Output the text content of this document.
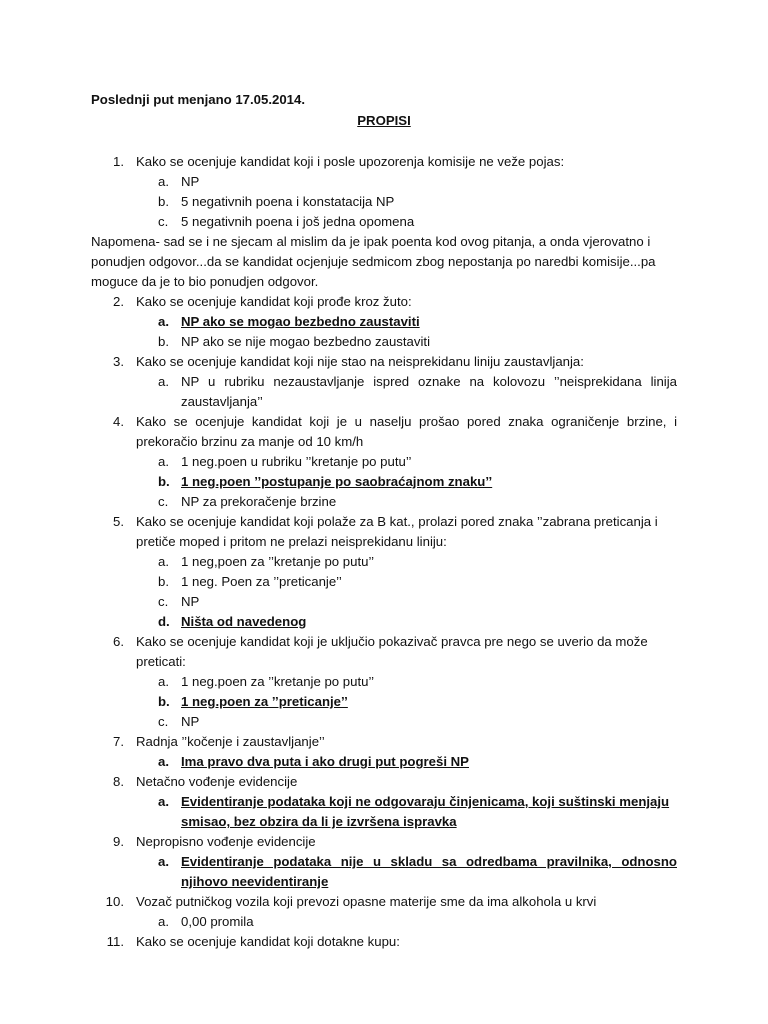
Poslednji put menjano 17.05.2014.
PROPISI
1. Kako se ocenjuje kandidat koji i posle upozorenja komisije ne veže pojas:
a. NP
b. 5 negativnih poena i konstatacija NP
c. 5 negativnih poena i još jedna opomena
Napomena- sad se i ne sjecam al mislim da je ipak poenta kod ovog pitanja, a onda vjerovatno i ponudjen odgovor...da se kandidat ocjenjuje sedmicom zbog nepostanja po naredbi komisije...pa moguce da je to bio ponudjen odgovor.
2. Kako se ocenjuje kandidat koji prođe kroz žuto:
a. NP ako se mogao bezbedno zaustaviti
b. NP ako se nije mogao bezbedno zaustaviti
3. Kako se ocenjuje kandidat koji nije stao na neisprekidanu liniju zaustavljanja:
a. NP u rubriku nezaustavljanje ispred oznake na kolovozu ’’neisprekidana linija zaustavljanja’’
4. Kako se ocenjuje kandidat koji je u naselju prošao pored znaka ograničenje brzine, i prekoračio brzinu za manje od 10 km/h
a. 1 neg.poen u rubriku ’’kretanje po putu’’
b. 1 neg.poen ’’postupanje po saobraćajnom znaku’’
c. NP za prekoračenje brzine
5. Kako se ocenjuje kandidat koji polaže za B kat., prolazi pored znaka ’’zabrana preticanja i pretiče moped i pritom ne prelazi neisprekidanu liniju:
a. 1 neg,poen za ’’kretanje po putu’’
b. 1 neg. Poen za ’’preticanje’’
c. NP
d. Ništa od navedenog
6. Kako se ocenjuje kandidat koji je uključio pokazivač pravca pre nego se uverio da može preticati:
a. 1 neg.poen za ’’kretanje po putu’’
b. 1 neg.poen za ’’preticanje’’
c. NP
7. Radnja ’’kočenje i zaustavljanje’’
a. Ima pravo dva puta i ako drugi put pogreši NP
8. Netačno vođenje evidencije
a. Evidentiranje podataka koji ne odgovaraju činjenicama, koji suštinski menjaju smisao, bez obzira da li je izvršena ispravka
9. Nepropisno vođenje evidencije
a. Evidentiranje podataka nije u skladu sa odredbama pravilnika, odnosno njihovo neevidentiranje
10. Vozač putničkog vozila koji prevozi opasne materije sme da ima alkohola u krvi
a. 0,00 promila
11. Kako se ocenjuje kandidat koji dotakne kupu:
